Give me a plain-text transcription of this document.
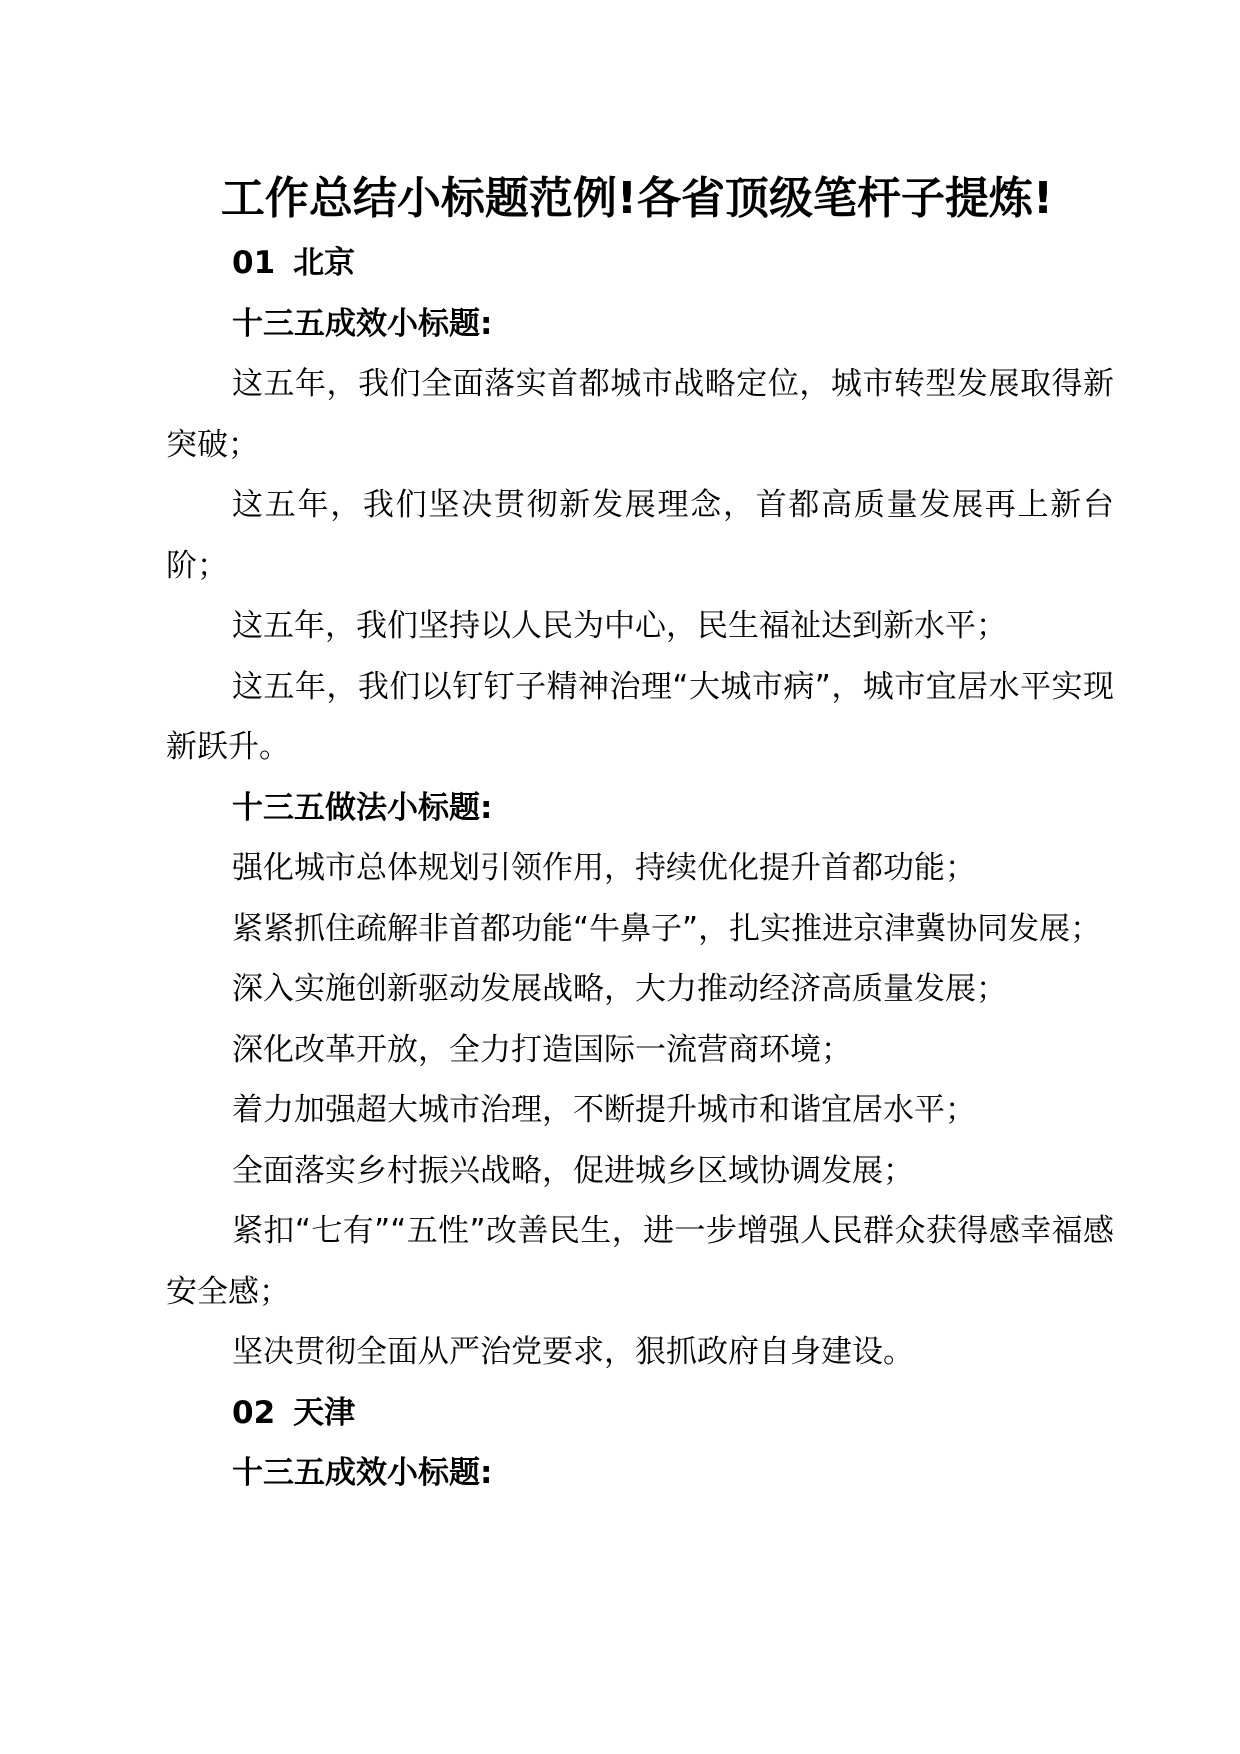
工作总结小标题范例!各省顶级笔杆子提炼!

01 北京

十三五成效小标题:

这五年，我们全面落实首都城市战略定位，城市转型发展取得新突破；

这五年，我们坚决贯彻新发展理念，首都高质量发展再上新台阶；

这五年，我们坚持以人民为中心，民生福祉达到新水平；

这五年，我们以钉钉子精神治理“大城市病”，城市宜居水平实现新跃升。

十三五做法小标题:

强化城市总体规划引领作用，持续优化提升首都功能；

紧紧抓住疏解非首都功能“牛鼻子”，扎实推进京津冀协同发展；

深入实施创新驱动发展战略，大力推动经济高质量发展；

深化改革开放，全力打造国际一流营商环境；

着力加强超大城市治理，不断提升城市和谐宜居水平；

全面落实乡村振兴战略，促进城乡区域协调发展；

紧扣“七有”“五性”改善民生，进一步增强人民群众获得感幸福感安全感；

坚决贯彻全面从严治党要求，狠抓政府自身建设。

02 天津

十三五成效小标题:
